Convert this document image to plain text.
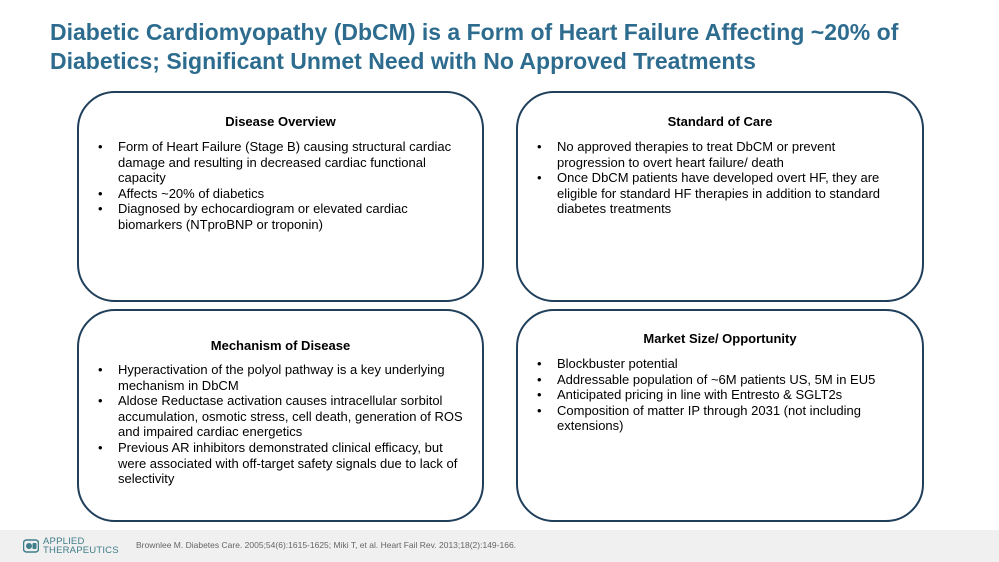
Diabetic Cardiomyopathy (DbCM) is a Form of Heart Failure Affecting ~20% of Diabetics; Significant Unmet Need with No Approved Treatments
Disease Overview
• Form of Heart Failure (Stage B) causing structural cardiac damage and resulting in decreased cardiac functional capacity
• Affects ~20% of diabetics
• Diagnosed by echocardiogram or elevated cardiac biomarkers (NTproBNP or troponin)
Standard of Care
• No approved therapies to treat DbCM or prevent progression to overt heart failure/ death
• Once DbCM patients have developed overt HF, they are eligible for standard HF therapies in addition to standard diabetes treatments
Mechanism of Disease
• Hyperactivation of the polyol pathway is a key underlying mechanism in DbCM
• Aldose Reductase activation causes intracellular sorbitol accumulation, osmotic stress, cell death, generation of ROS and impaired cardiac energetics
• Previous AR inhibitors demonstrated clinical efficacy, but were associated with off-target safety signals due to lack of selectivity
Market Size/ Opportunity
• Blockbuster potential
• Addressable population of ~6M patients US, 5M in EU5
• Anticipated pricing in line with Entresto & SGLT2s
• Composition of matter IP through 2031 (not including extensions)
APPLIED
THERAPEUTICS Brownlee M. Diabetes Care. 2005;54(6):1615-1625; Miki T, et al. Heart Fail Rev. 2013;18(2):149-166.
